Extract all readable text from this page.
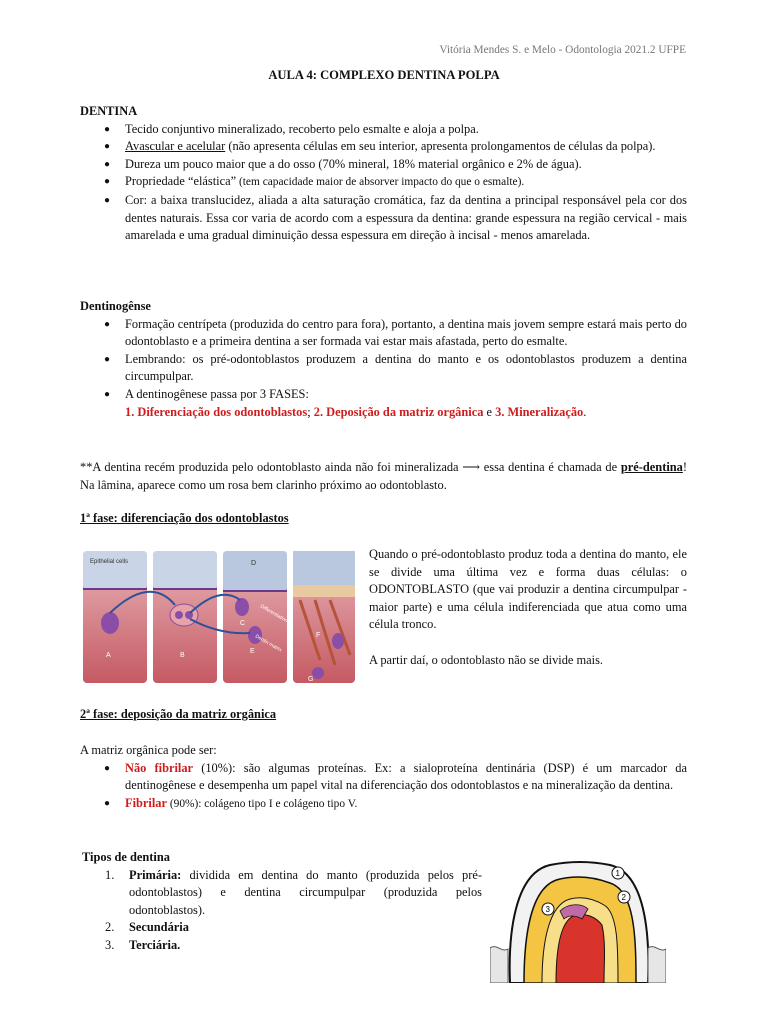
Vitória Mendes S. e Melo - Odontologia 2021.2 UFPE
AULA 4: COMPLEXO DENTINA POLPA

DENTINA

● Tecido conjuntivo mineralizado, recoberto pelo esmalte e aloja a polpa.
● Avascular e acelular (não apresenta células em seu interior, apresenta prolongamentos de células da polpa).
● Dureza um pouco maior que a do osso (70% mineral, 18% material orgânico e 2% de água).
● Propriedade “elástica” (tem capacidade maior de absorver impacto do que o esmalte).
● Cor: a baixa translucidez, aliada a alta saturação cromática, faz da dentina a principal responsável pela cor dos dentes naturais. Essa cor varia de acordo com a espessura da dentina: grande espessura na região cervical - mais amarelada e uma gradual diminuição dessa espessura em direção à incisal - menos amarelada.

Dentinogênse

● Formação centrípeta (produzida do centro para fora), portanto, a dentina mais jovem sempre estará mais perto do odontoblasto e a primeira dentina a ser formada vai estar mais afastada, perto do esmalte.
● Lembrando: os pré-odontoblastos produzem a dentina do manto e os odontoblastos produzem a dentina circumpulpar.
● A dentinogênese passa por 3 FASES:
1. Diferenciação dos odontoblastos; 2. Deposição da matriz orgânica e 3. Mineralização.
**A dentina recém produzida pelo odontoblasto ainda não foi mineralizada ⟶ essa dentina é chamada de pré-dentina! Na lâmina, aparece como um rosa bem clarinho próximo ao odontoblasto.
1ª fase: diferenciação dos odontoblastos
Epithelial cells
A	B
C
D
E
F
G
Differentiation
Dentin matrix

Quando o pré-odontoblasto produz toda a dentina do manto, ele se divide uma última vez e forma duas células: o ODONTOBLASTO (que vai produzir a dentina circumpulpar - maior parte) e uma célula indiferenciada que atua como uma célula tronco.

A partir daí, o odontoblasto não se divide mais.

2ª fase: deposição da matriz orgânica

A matriz orgânica pode ser:

● Não fibrilar (10%): são algumas proteínas. Ex: a sialoproteína dentinária (DSP) é um marcador da dentinogênese e desempenha um papel vital na diferenciação dos odontoblastos e na mineralização da dentina.
● Fibrilar (90%): colágeno tipo I e colágeno tipo V.

Tipos de dentina

1. Primária: dividida em dentina do manto (produzida pelos pré-odontoblastos) e dentina circumpulpar (produzida pelos odontoblastos).
2. Secundária
3. Terciária.
1
2
3
